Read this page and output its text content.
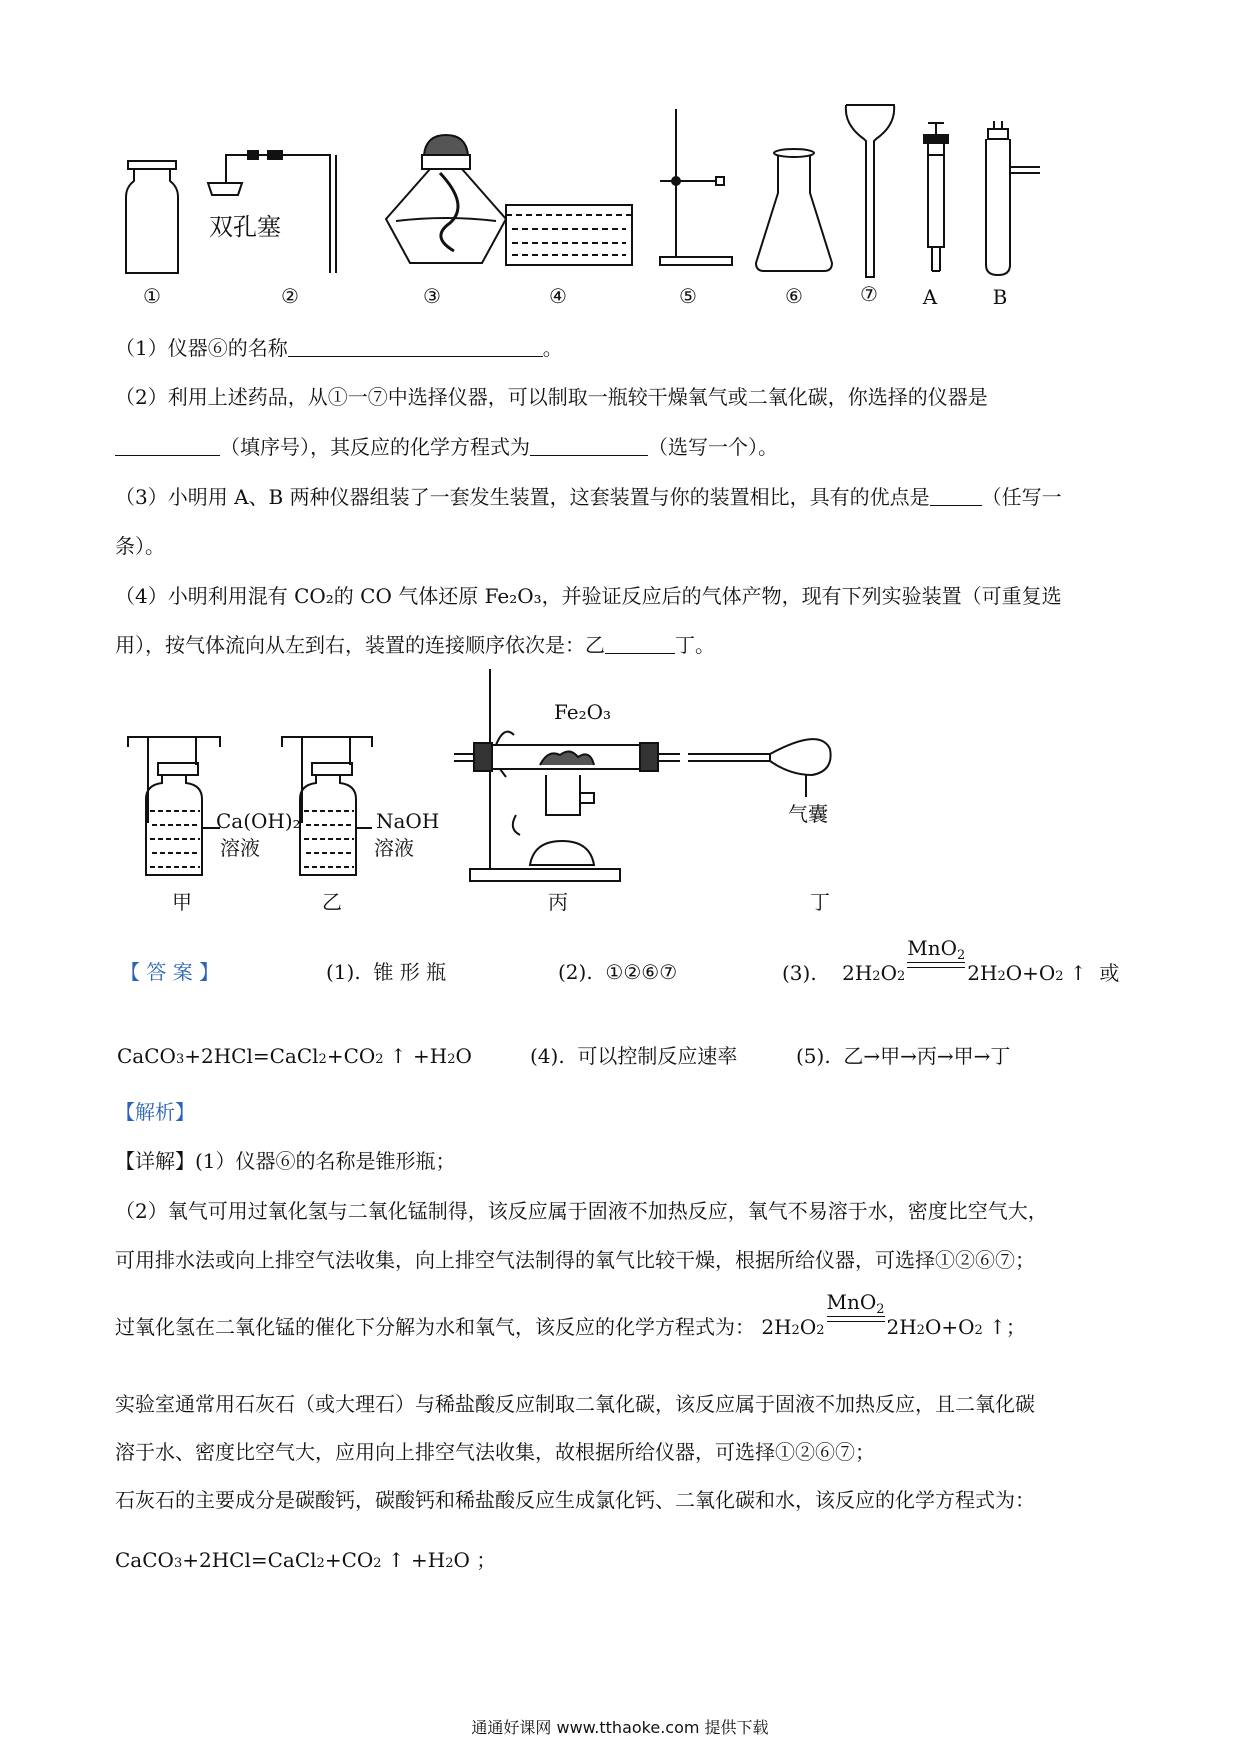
双孔塞
①	②	③	④	⑤	⑥	⑦ A	B
（1）仪器⑥的名称	。
（2）利用上述药品，从①一⑦中选择仪器，可以制取一瓶较干燥氧气或二氧化碳，你选择的仪器是
（填序号），其反应的化学方程式为	（选写一个）。
（3）小明用 A、B 两种仪器组装了一套发生装置，这套装置与你的装置相比，具有的优点是	（任写一
条）。
（4）小明利用混有 CO₂的 CO 气体还原 Fe₂O₃，并验证反应后的气体产物，现有下列实验装置（可重复选
用），按气体流向从左到右，装置的连接顺序依次是：乙	丁。
Fe₂O₃
Ca(OH)₂
溶液
NaOH
溶液
气囊
甲	乙	丙	丁
【 答 案 】	(1). 锥 形 瓶	(2). ①②⑥⑦	(3). 2H 2 O 2
MnO$_2$
$2H_2$ O+O 2 ↑ 或
CaCO 3 +2HCl=CaCl 2 +CO 2 ↑ +H 2 O	(4). 可以控制反应速率	(5). 乙→甲→丙→甲→丁
【解析】
【详解】(1）仪器⑥的名称是锥形瓶；
（2）氧气可用过氧化氢与二氧化锰制得，该反应属于固液不加热反应，氧气不易溶于水，密度比空气大，
可用排水法或向上排空气法收集，向上排空气法制得的氧气比较干燥，根据所给仪器，可选择①②⑥⑦；
过氧化氢在二氧化锰的催化下分解为水和氧气，该反应的化学方程式为： 2H 2 O 2
MnO$_2$
$2H_2$ O+O 2 ↑；
实验室通常用石灰石（或大理石）与稀盐酸反应制取二氧化碳，该反应属于固液不加热反应，且二氧化碳
溶于水、密度比空气大，应用向上排空气法收集，故根据所给仪器，可选择①②⑥⑦；
石灰石的主要成分是碳酸钙，碳酸钙和稀盐酸反应生成氯化钙、二氧化碳和水，该反应的化学方程式为：
CaCO 3 +2HCl=CaCl 2 +CO 2 ↑ +H 2 O ；
通通好课网 www.tthaoke.com 提供下载
